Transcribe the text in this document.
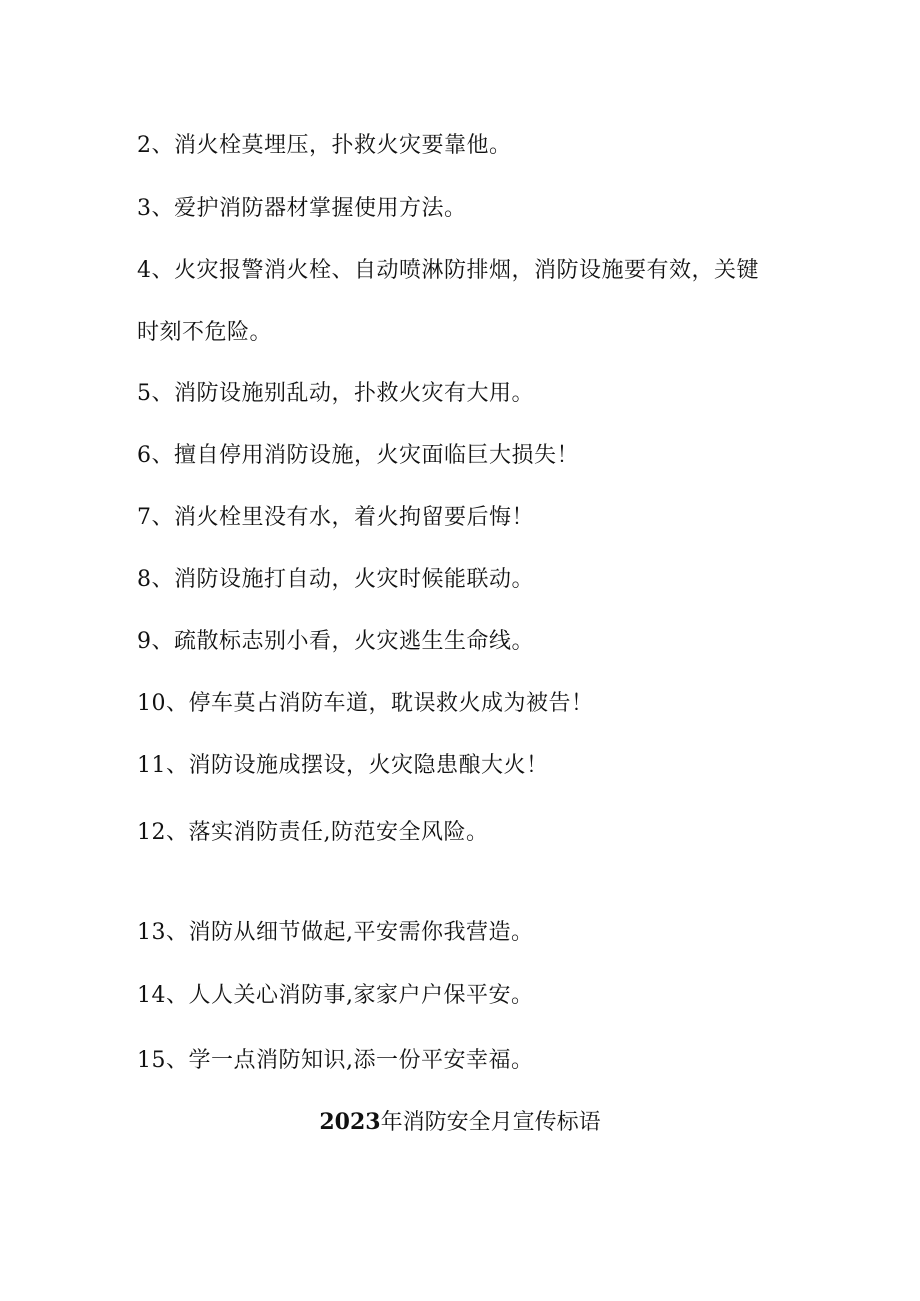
2、消火栓莫埋压，扑救火灾要靠他。
3、爱护消防器材掌握使用方法。
4、火灾报警消火栓、自动喷淋防排烟，消防设施要有效，关键
时刻不危险。
5、消防设施别乱动，扑救火灾有大用。
6、擅自停用消防设施，火灾面临巨大损失！
7、消火栓里没有水，着火拘留要后悔！
8、消防设施打自动，火灾时候能联动。
9、疏散标志别小看，火灾逃生生命线。
10、停车莫占消防车道，耽误救火成为被告！
11、消防设施成摆设，火灾隐患酿大火！
12、落实消防责任,防范安全风险。
13、消防从细节做起,平安需你我营造。
14、人人关心消防事,家家户户保平安。
15、学一点消防知识,添一份平安幸福。
2023年消防安全月宣传标语
